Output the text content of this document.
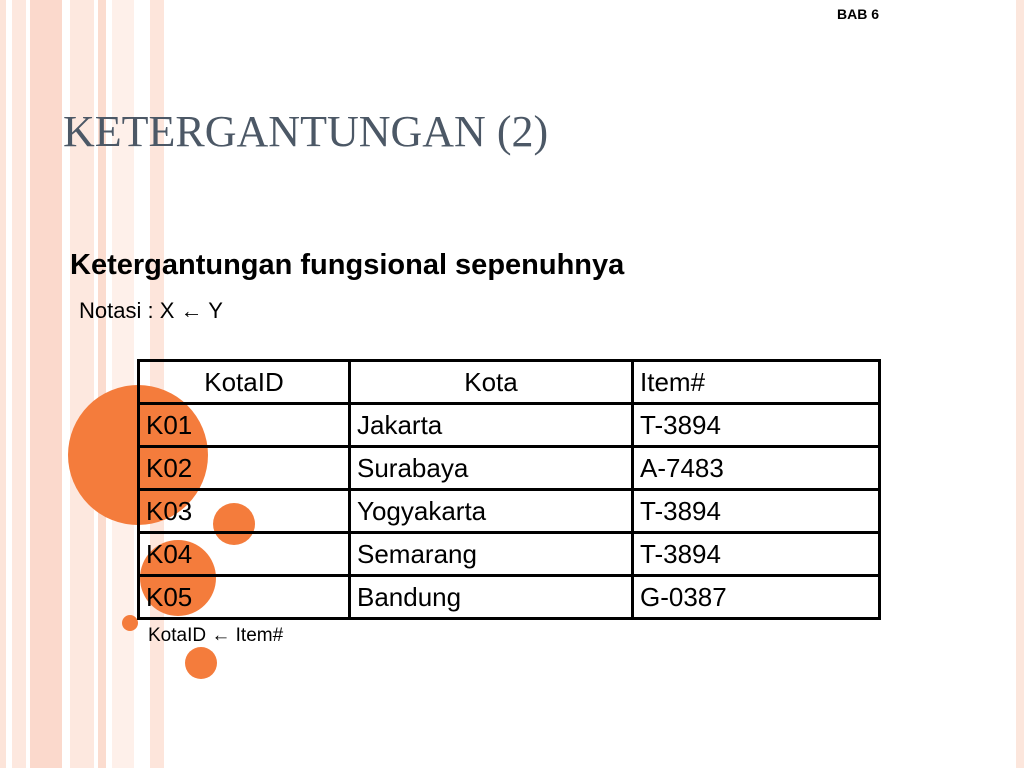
BAB 6
KETERGANTUNGAN (2)
Ketergantungan fungsional sepenuhnya
Notasi : X ← Y
KotaID	Kota	Item#
K01	Jakarta	T-3894
K02	Surabaya	A-7483
K03	Yogyakarta	T-3894
K04	Semarang	T-3894
K05	Bandung	G-0387
KotaID ← Item#
